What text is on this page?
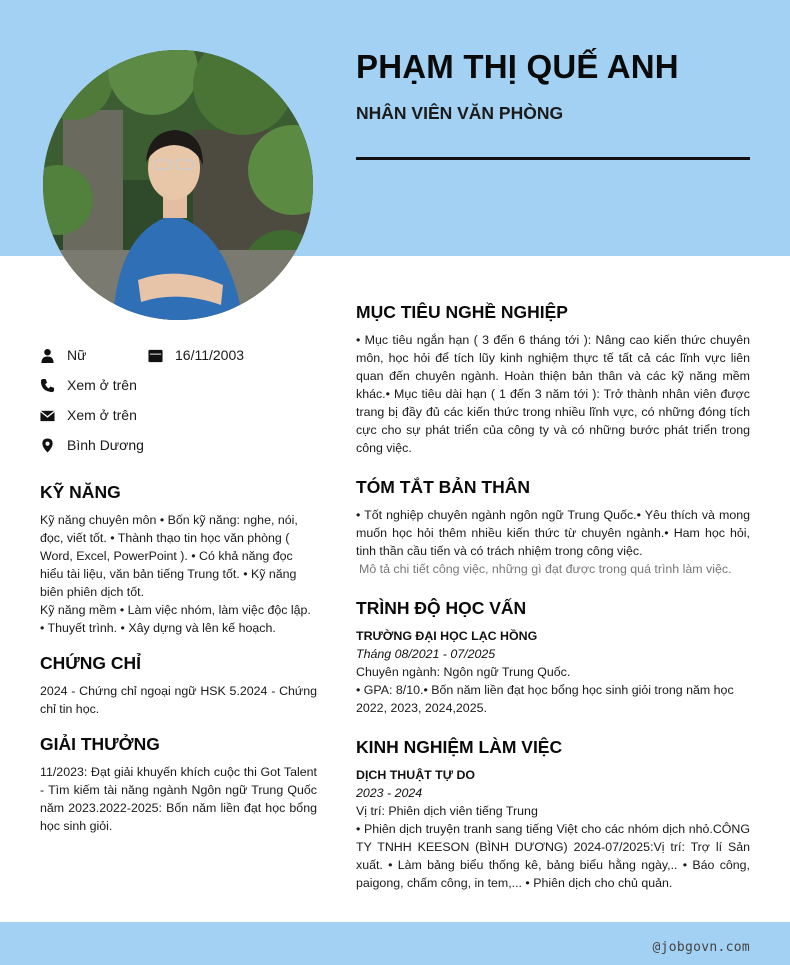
PHẠM THỊ QUẾ ANH
NHÂN VIÊN VĂN PHÒNG
Nữ	16/11/2003
Xem ở trên
Xem ở trên
Bình Dương
KỸ NĂNG

Kỹ năng chuyên môn • Bốn kỹ năng: nghe, nói, đọc, viết tốt. • Thành thạo tin học văn phòng ( Word, Excel, PowerPoint ). • Có khả năng đọc hiểu tài liệu, văn bản tiếng Trung tốt. • Kỹ năng biên phiên dịch tốt.

Kỹ năng mềm • Làm việc nhóm, làm việc độc lập. • Thuyết trình. • Xây dựng và lên kế hoạch.

CHỨNG CHỈ

2024 - Chứng chỉ ngoại ngữ HSK 5.2024 - Chứng chỉ tin học.

GIẢI THƯỞNG

11/2023: Đạt giải khuyến khích cuộc thi Got Talent - Tìm kiếm tài năng ngành Ngôn ngữ Trung Quốc năm 2023.2022-2025: Bốn năm liền đạt học bổng học sinh giỏi.

MỤC TIÊU NGHỀ NGHIỆP

• Mục tiêu ngắn hạn ( 3 đến 6 tháng tới ): Nâng cao kiến thức chuyên môn, học hỏi để tích lũy kinh nghiệm thực tế tất cả các lĩnh vực liên quan đến chuyên ngành. Hoàn thiện bản thân và các kỹ năng mềm khác.• Mục tiêu dài hạn ( 1 đến 3 năm tới ): Trở thành nhân viên được trang bị đầy đủ các kiến thức trong nhiều lĩnh vực, có những đóng tích cực cho sự phát triển của công ty và có những bước phát triển trong công việc.

TÓM TẮT BẢN THÂN

• Tốt nghiệp chuyên ngành ngôn ngữ Trung Quốc.• Yêu thích và mong muốn học hỏi thêm nhiều kiến thức từ chuyên ngành.• Ham học hỏi, tinh thần cầu tiến và có trách nhiệm trong công việc.

Mô tả chi tiết công việc, những gì đạt được trong quá trình làm việc.

TRÌNH ĐỘ HỌC VẤN
TRƯỜNG ĐẠI HỌC LẠC HỒNG
Tháng 08/2021 - 07/2025

Chuyên ngành: Ngôn ngữ Trung Quốc.

• GPA: 8/10.• Bốn năm liền đạt học bổng học sinh giỏi trong năm học 2022, 2023, 2024,2025.

KINH NGHIỆM LÀM VIỆC
DỊCH THUẬT TỰ DO
2023 - 2024

Vị trí: Phiên dịch viên tiếng Trung

• Phiên dịch truyện tranh sang tiếng Việt cho các nhóm dịch nhỏ.CÔNG TY TNHH KEESON (BÌNH DƯƠNG) 2024-07/2025:Vị trí: Trợ lí Sản xuất. • Làm bảng biểu thống kê, bảng biểu hằng ngày,.. • Báo công, paigong, chấm công, in tem,... • Phiên dịch cho chủ quản.

@jobgovn.com
